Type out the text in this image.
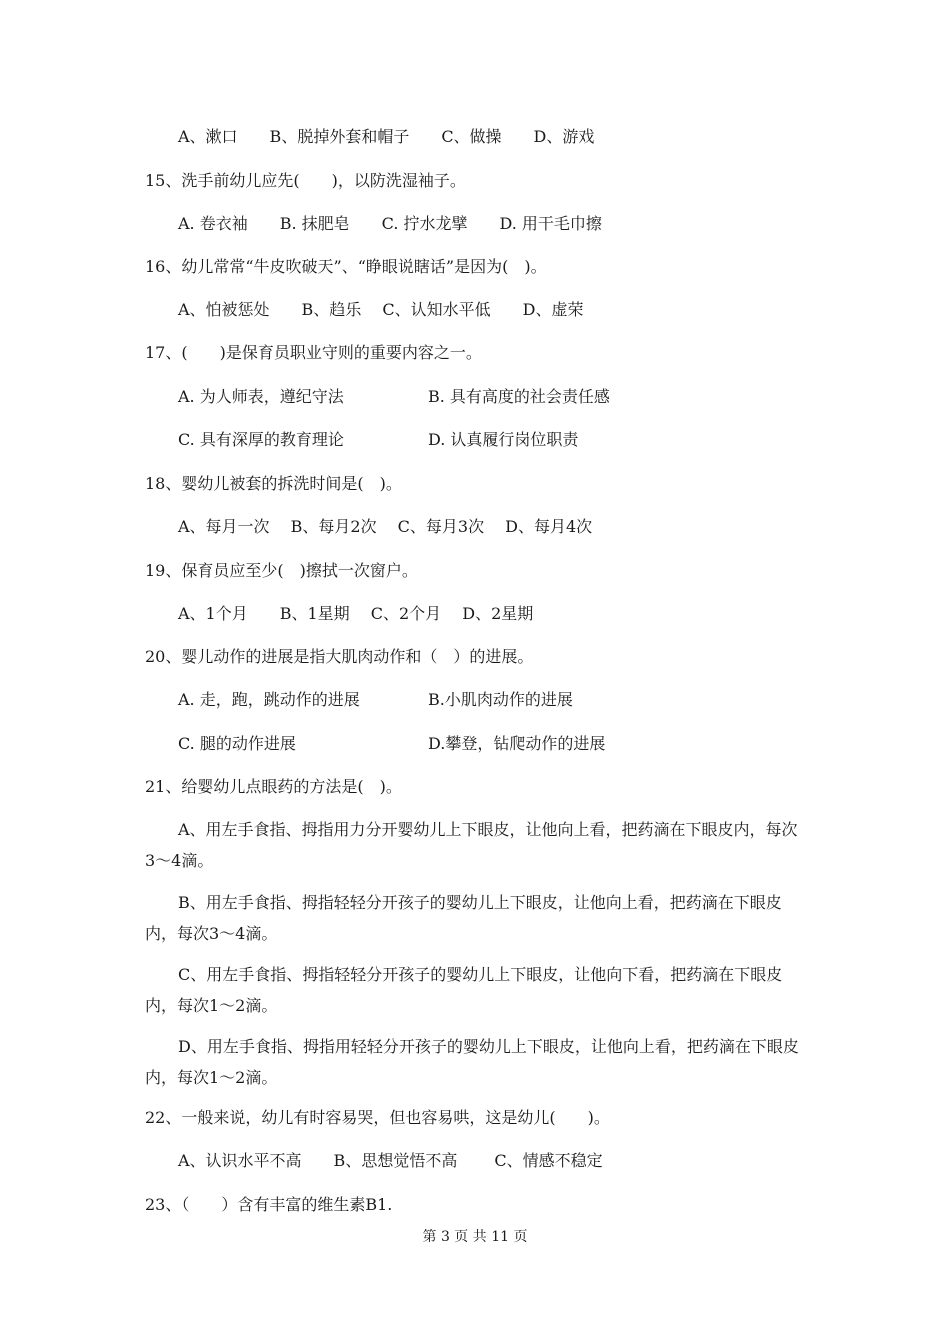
A、漱口　　B、脱掉外套和帽子　　C、做操　　D、游戏
15、洗手前幼儿应先(　　)，以防洗湿袖子。
A. 卷衣袖　　B. 抹肥皂　　C. 拧水龙擘　　D. 用干毛巾擦
16、幼儿常常“牛皮吹破天”、“睁眼说瞎话”是因为(　)。
A、怕被惩处　　B、趋乐　 C、认知水平低　　D、虚荣
17、(　　)是保育员职业守则的重要内容之一。
A. 为人师表，遵纪守法	B. 具有高度的社会责任感
C. 具有深厚的教育理论	D. 认真履行岗位职责
18、婴幼儿被套的拆洗时间是(　)。
A、每月一次　 B、每月2次　 C、每月3次　 D、每月4次
19、保育员应至少(　)擦拭一次窗户。
A、1个月　　B、1星期　 C、2个月　 D、2星期
20、婴儿动作的进展是指大肌肉动作和（　）的进展。
A. 走，跑，跳动作的进展	B.小肌肉动作的进展
C. 腿的动作进展	D.攀登，钻爬动作的进展
21、给婴幼儿点眼药的方法是(　)。
A、用左手食指、拇指用力分开婴幼儿上下眼皮，让他向上看，把药滴在下眼皮内，每次3～4滴。
B、用左手食指、拇指轻轻分开孩子的婴幼儿上下眼皮，让他向上看，把药滴在下眼皮内，每次3～4滴。
C、用左手食指、拇指轻轻分开孩子的婴幼儿上下眼皮，让他向下看，把药滴在下眼皮内，每次1～2滴。
D、用左手食指、拇指用轻轻分开孩子的婴幼儿上下眼皮，让他向上看，把药滴在下眼皮内，每次1～2滴。
22、一般来说，幼儿有时容易哭，但也容易哄，这是幼儿(　　)。
A、认识水平不高　　B、思想觉悟不高　　 C、情感不稳定
23、（　　）含有丰富的维生素B1.
第 3 页 共 11 页
